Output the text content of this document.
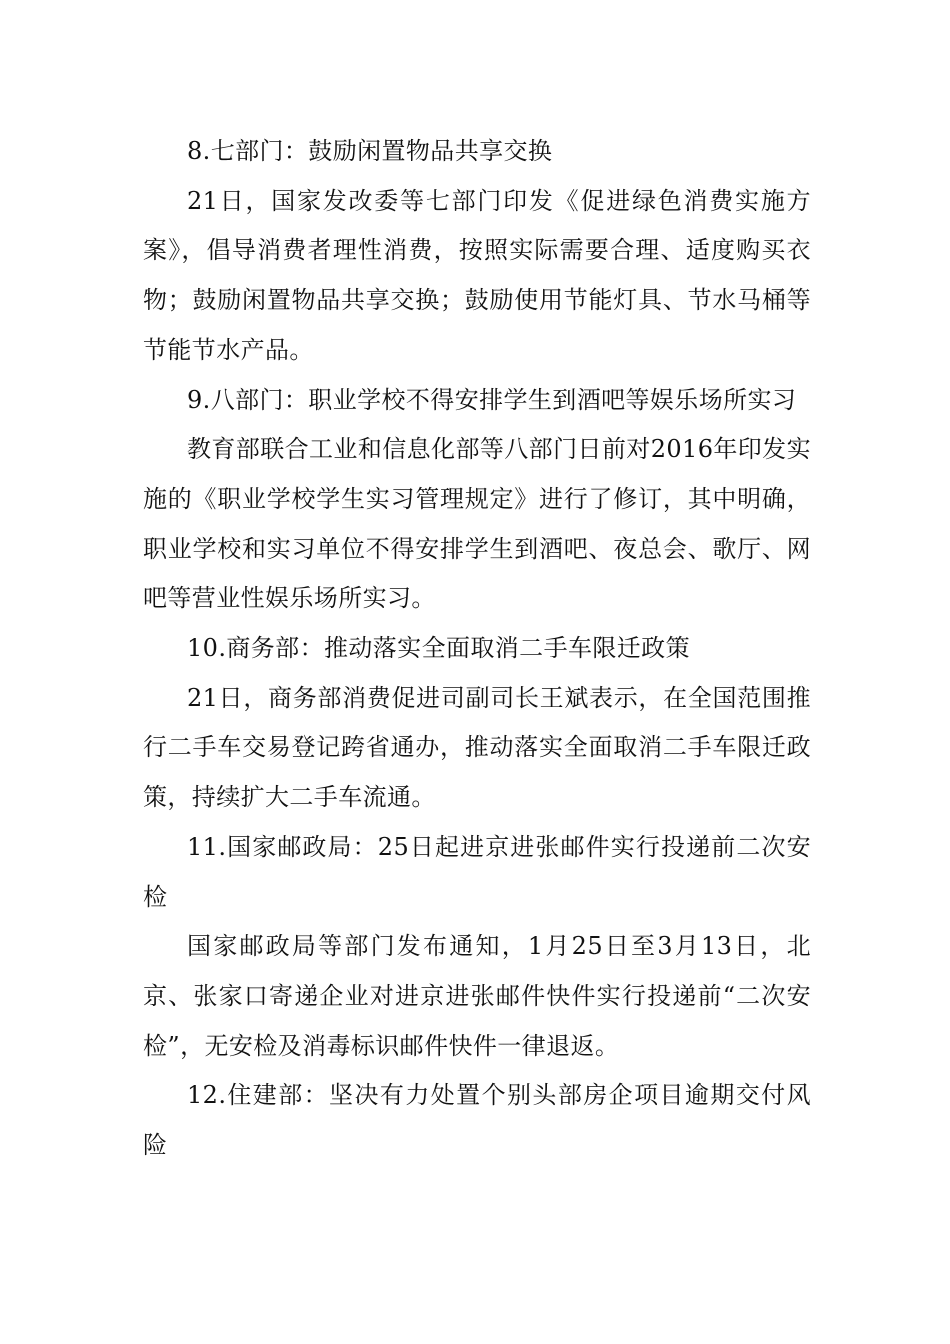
8.七部门：鼓励闲置物品共享交换

21日，国家发改委等七部门印发《促进绿色消费实施方案》，倡导消费者理性消费，按照实际需要合理、适度购买衣物；鼓励闲置物品共享交换；鼓励使用节能灯具、节水马桶等节能节水产品。

9.八部门：职业学校不得安排学生到酒吧等娱乐场所实习

教育部联合工业和信息化部等八部门日前对2016年印发实施的《职业学校学生实习管理规定》进行了修订，其中明确，职业学校和实习单位不得安排学生到酒吧、夜总会、歌厅、网吧等营业性娱乐场所实习。

10.商务部：推动落实全面取消二手车限迁政策

21日，商务部消费促进司副司长王斌表示，在全国范围推行二手车交易登记跨省通办，推动落实全面取消二手车限迁政策，持续扩大二手车流通。

11.国家邮政局：25日起进京进张邮件实行投递前二次安检

国家邮政局等部门发布通知，1月25日至3月13日，北京、张家口寄递企业对进京进张邮件快件实行投递前“二次安检”，无安检及消毒标识邮件快件一律退返。

12.住建部：坚决有力处置个别头部房企项目逾期交付风险
